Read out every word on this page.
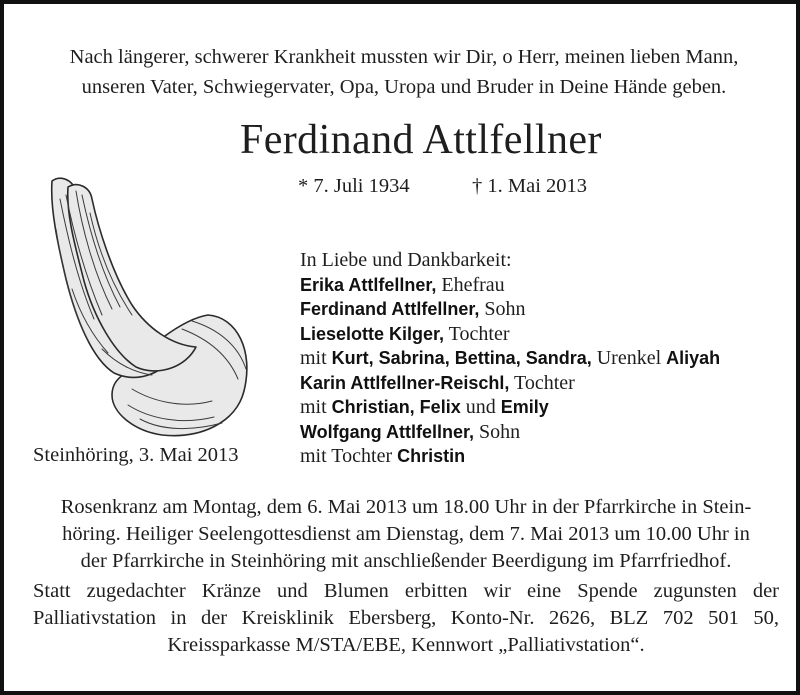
Nach längerer, schwerer Krankheit mussten wir Dir, o Herr, meinen lieben Mann,
unseren Vater, Schwiegervater, Opa, Uropa und Bruder in Deine Hände geben.
Ferdinand Attlfellner
* 7. Juli 1934	† 1. Mai 2013
Steinhöring, 3. Mai 2013
In Liebe und Dankbarkeit:
Erika Attlfellner, Ehefrau
Ferdinand Attlfellner, Sohn
Lieselotte Kilger, Tochter
mit Kurt, Sabrina, Bettina, Sandra, Urenkel Aliyah
Karin Attlfellner-Reischl, Tochter
mit Christian, Felix und Emily
Wolfgang Attlfellner, Sohn
mit Tochter Christin
Rosenkranz am Montag, dem 6. Mai 2013 um 18.00 Uhr in der Pfarrkirche in Stein-
höring. Heiliger Seelengottesdienst am Dienstag, dem 7. Mai 2013 um 10.00 Uhr in
der Pfarrkirche in Steinhöring mit anschließender Beerdigung im Pfarrfriedhof.
Statt zugedachter Kränze und Blumen erbitten wir eine Spende zugunsten der
Palliativstation in der Kreisklinik Ebersberg, Konto-Nr. 2626, BLZ 702 501 50,
Kreissparkasse M/STA/EBE, Kennwort „Palliativstation“.
